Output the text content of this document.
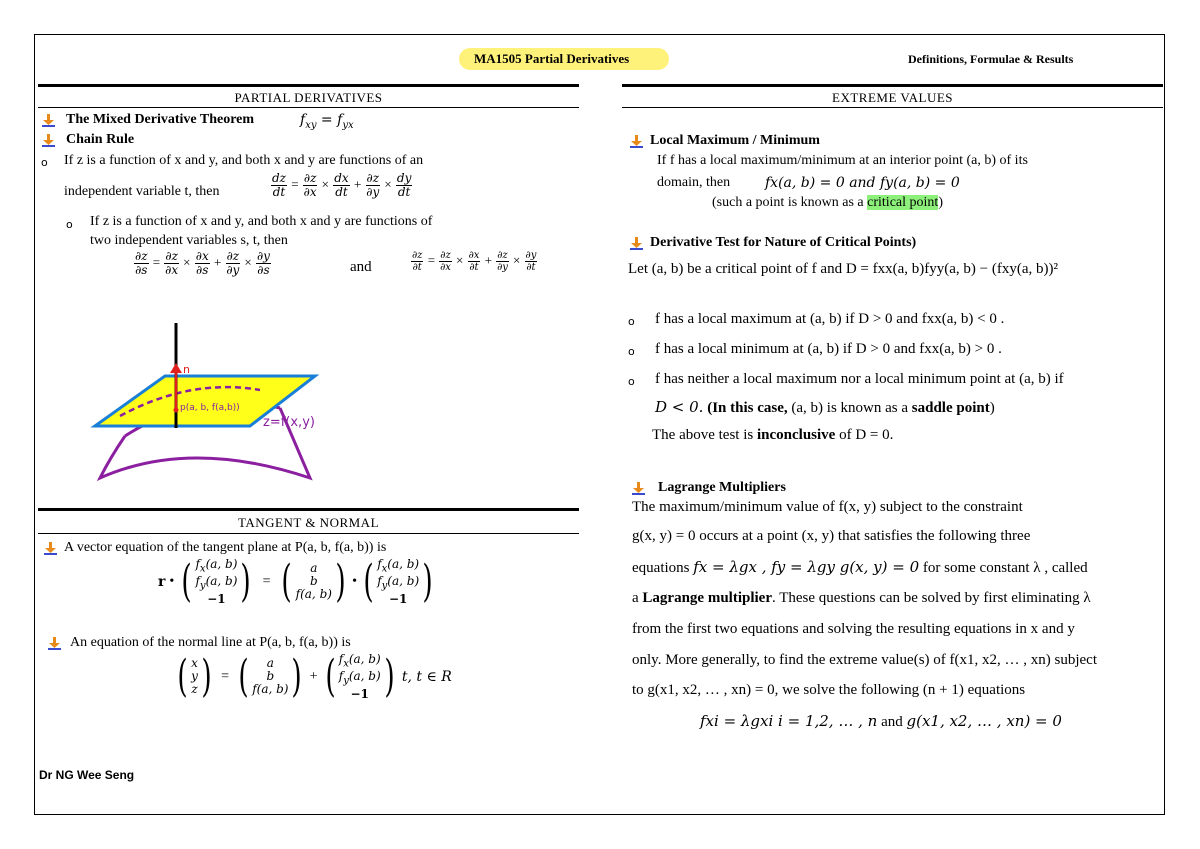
MA1505 Partial Derivatives	Definitions, Formulae & Results
PARTIAL DERIVATIVES
The Mixed Derivative Theorem	$f_{xy} = f_{yx}$
Chain Rule
o If z is a function of x and y, and both x and y are functions of an
independent variable t, then	$\frac{dz}{dt} = \frac{\partial z}{\partial x} \times \frac{dx}{dt} + \frac{\partial z}{\partial y} \times \frac{dy}{dt}$
o If z is a function of x and y, and both x and y are functions of
two independent variables s, t, then
$\frac{\partial z}{\partial s} = \frac{\partial z}{\partial x} \times \frac{\partial x}{\partial s} + \frac{\partial z}{\partial y} \times \frac{\partial y}{\partial s}$	and	$\frac{\partial z}{\partial t} = \frac{\partial z}{\partial x} \times \frac{\partial x}{\partial t} + \frac{\partial z}{\partial y} \times \frac{\partial y}{\partial t}$
n
p(a, b, f(a,b))
z=f(x,y)
TANGENT & NORMAL
A vector equation of the tangent plane at P(a, b, f(a, b)) is
r • ( $f_x(a$, b)
$f_y(a$, b)
−1 ) = ( a
b
f(a, b) ) • ( $f_x(a$, b)
$f_y(a$, b)
−1 )
An equation of the normal line at P(a, b, f(a, b)) is
( x
y
z ) = ( a
b
f(a, b) ) + ( $f_x(a$, b)
$f_y(a$, b)
−1 ) t, t ∈ R
Dr NG Wee Seng
EXTREME VALUES
Local Maximum / Minimum
If f has a local maximum/minimum at an interior point (a, b) of its
domain, then fx(a, b) = 0 and fy(a, b) = 0
(such a point is known as a critical point)
Derivative Test for Nature of Critical Points)
Let (a, b) be a critical point of f and D = fxx(a, b)fyy(a, b) − (fxy(a, b))²
o f has a local maximum at (a, b) if D > 0 and fxx(a, b) < 0 .
o f has a local minimum at (a, b) if D > 0 and fxx(a, b) > 0 .
o f has neither a local maximum nor a local minimum point at (a, b) if
D < 0. (In this case, (a, b) is known as a saddle point)
The above test is inconclusive of D = 0.
Lagrange Multipliers
The maximum/minimum value of f(x, y) subject to the constraint
g(x, y) = 0 occurs at a point (x, y) that satisfies the following three
equations fx = λgx , fy = λgy g(x, y) = 0 for some constant λ , called
a Lagrange multiplier. These questions can be solved by first eliminating λ
from the first two equations and solving the resulting equations in x and y
only. More generally, to find the extreme value(s) of f(x1, x2, … , xn) subject
to g(x1, x2, … , xn) = 0, we solve the following (n + 1) equations
fxi = λgxi i = 1,2, … , n and g(x1, x2, … , xn) = 0
